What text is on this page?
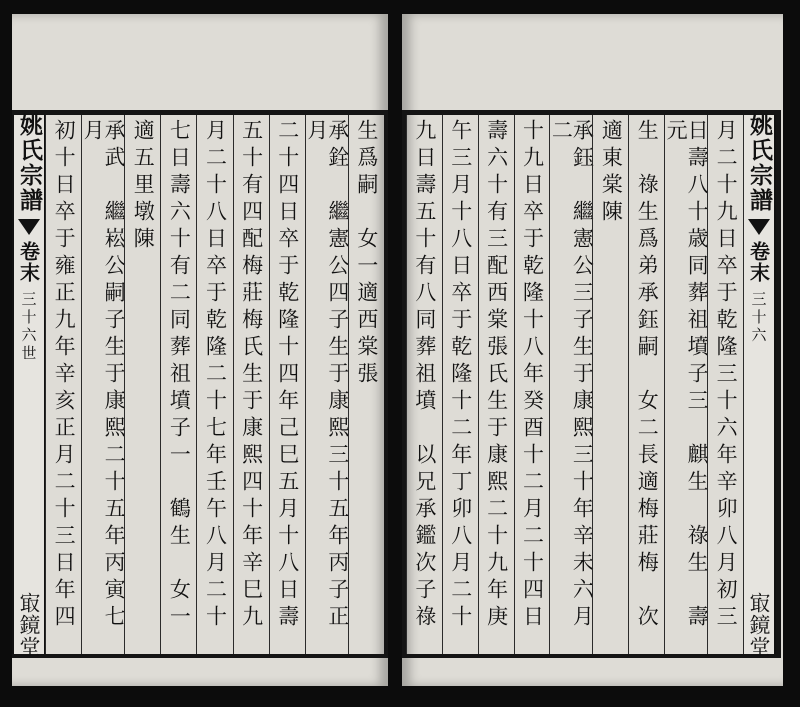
生爲嗣　女一適西棠張
承銓　繼憲公四子生于康熙三十五年丙子正月
二十四日卒于乾隆十四年己巳五月十八日壽
五十有四配梅莊梅氏生于康熙四十年辛巳九
月二十八日卒于乾隆二十七年壬午八月二十
七日壽六十有二同葬祖墳子一　鶴生　女一
適五里墩陳
承武　繼崧公嗣子生于康熙二十五年丙寅七月
初十日卒于雍正九年辛亥正月二十三日年四
姚氏宗譜
卷末
三十六世
㝡鏡堂
姚氏宗譜
卷末
三十六
㝡鏡堂
月二十九日卒于乾隆三十六年辛卯八月初三
日壽八十歳同葬祖墳子三　麒生　祿生　壽元
生　祿生爲弟承鈺嗣　女二長適梅莊梅　次
適東棠陳
承鈺　繼憲公三子生于康熙三十年辛未六月二
十九日卒于乾隆十八年癸酉十二月二十四日
壽六十有三配西棠張氏生于康熙二十九年庚
午三月十八日卒于乾隆十二年丁卯八月二十
九日壽五十有八同葬祖墳　以兄承鑑次子祿
